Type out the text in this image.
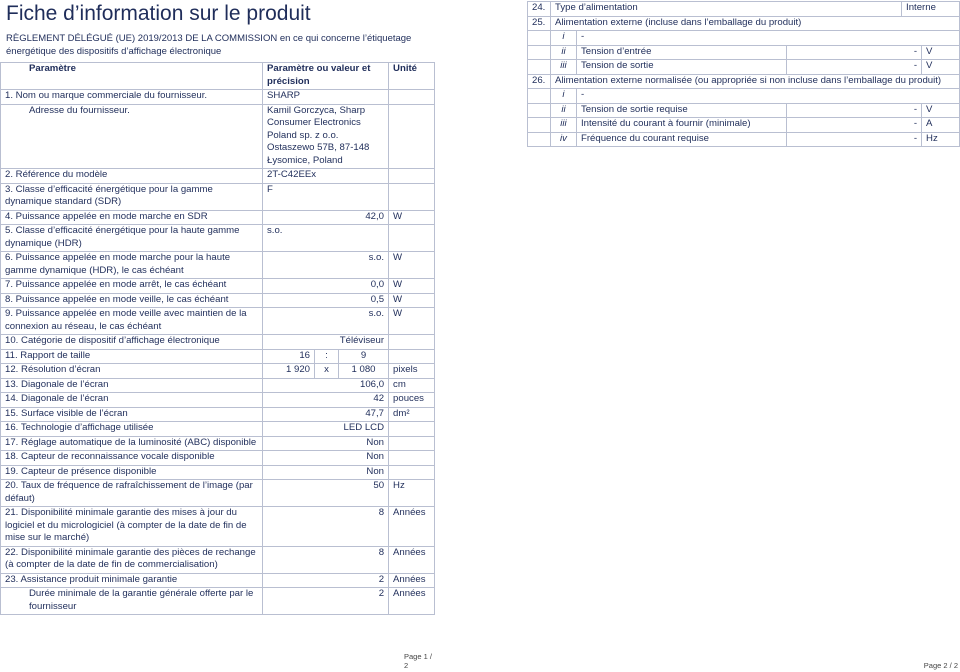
Fiche d’information sur le produit
RÈGLEMENT DÉLÉGUÉ (UE) 2019/2013 DE LA COMMISSION en ce qui concerne l’étiquetage énergétique des dispositifs d’affichage électronique
Paramètre	Paramètre ou valeur et précision			Unité
1. Nom ou marque commerciale du fournisseur.	SHARP			
Adresse du fournisseur.	Kamil Gorczyca, Sharp Consumer Electronics Poland sp. z o.o. Ostaszewo 57B, 87-148 Łysomice, Poland			
2. Référence du modèle	2T-C42EEx			
3. Classe d’efficacité énergétique pour la gamme dynamique standard (SDR)	F			
4. Puissance appelée en mode marche en SDR	42,0			W
5. Classe d’efficacité énergétique pour la haute gamme dynamique (HDR)	s.o.			
6. Puissance appelée en mode marche pour la haute gamme dynamique (HDR), le cas échéant	s.o.			W
7. Puissance appelée en mode arrêt, le cas échéant	0,0			W
8. Puissance appelée en mode veille, le cas échéant	0,5			W
9. Puissance appelée en mode veille avec maintien de la connexion au réseau, le cas échéant	s.o.			W
10. Catégorie de dispositif d’affichage électronique	Téléviseur			
11. Rapport de taille	16	:	9	
12. Résolution d’écran	1 920	x	1 080	pixels
13. Diagonale de l’écran	106,0			cm
14. Diagonale de l’écran	42			pouces
15. Surface visible de l’écran	47,7			dm²
16. Technologie d’affichage utilisée	LED LCD			
17. Réglage automatique de la luminosité (ABC) disponible	Non			
18. Capteur de reconnaissance vocale disponible	Non			
19. Capteur de présence disponible	Non			
20. Taux de fréquence de rafraîchissement de l’image (par défaut)	50			Hz
21. Disponibilité minimale garantie des mises à jour du logiciel et du micrologiciel (à compter de la date de fin de mise sur le marché)	8			Années
22. Disponibilité minimale garantie des pièces de rechange (à compter de la date de fin de commercialisation)	8			Années
23. Assistance produit minimale garantie	2			Années
Durée minimale de la garantie générale offerte par le fournisseur	2			Années
Page 1 / 2
24.	Type d’alimentation			Interne	
25.	Alimentation externe (incluse dans l’emballage du produit)				
	i	-			
	ii	Tension d’entrée	-		V
	iii	Tension de sortie	-		V
26.	Alimentation externe normalisée (ou appropriée si non incluse dans l’emballage du produit)				
	i	-			
	ii	Tension de sortie requise	-		V
	iii	Intensité du courant à fournir (minimale)	-		A
	iv	Fréquence du courant requise	-		Hz
Page 2 / 2
